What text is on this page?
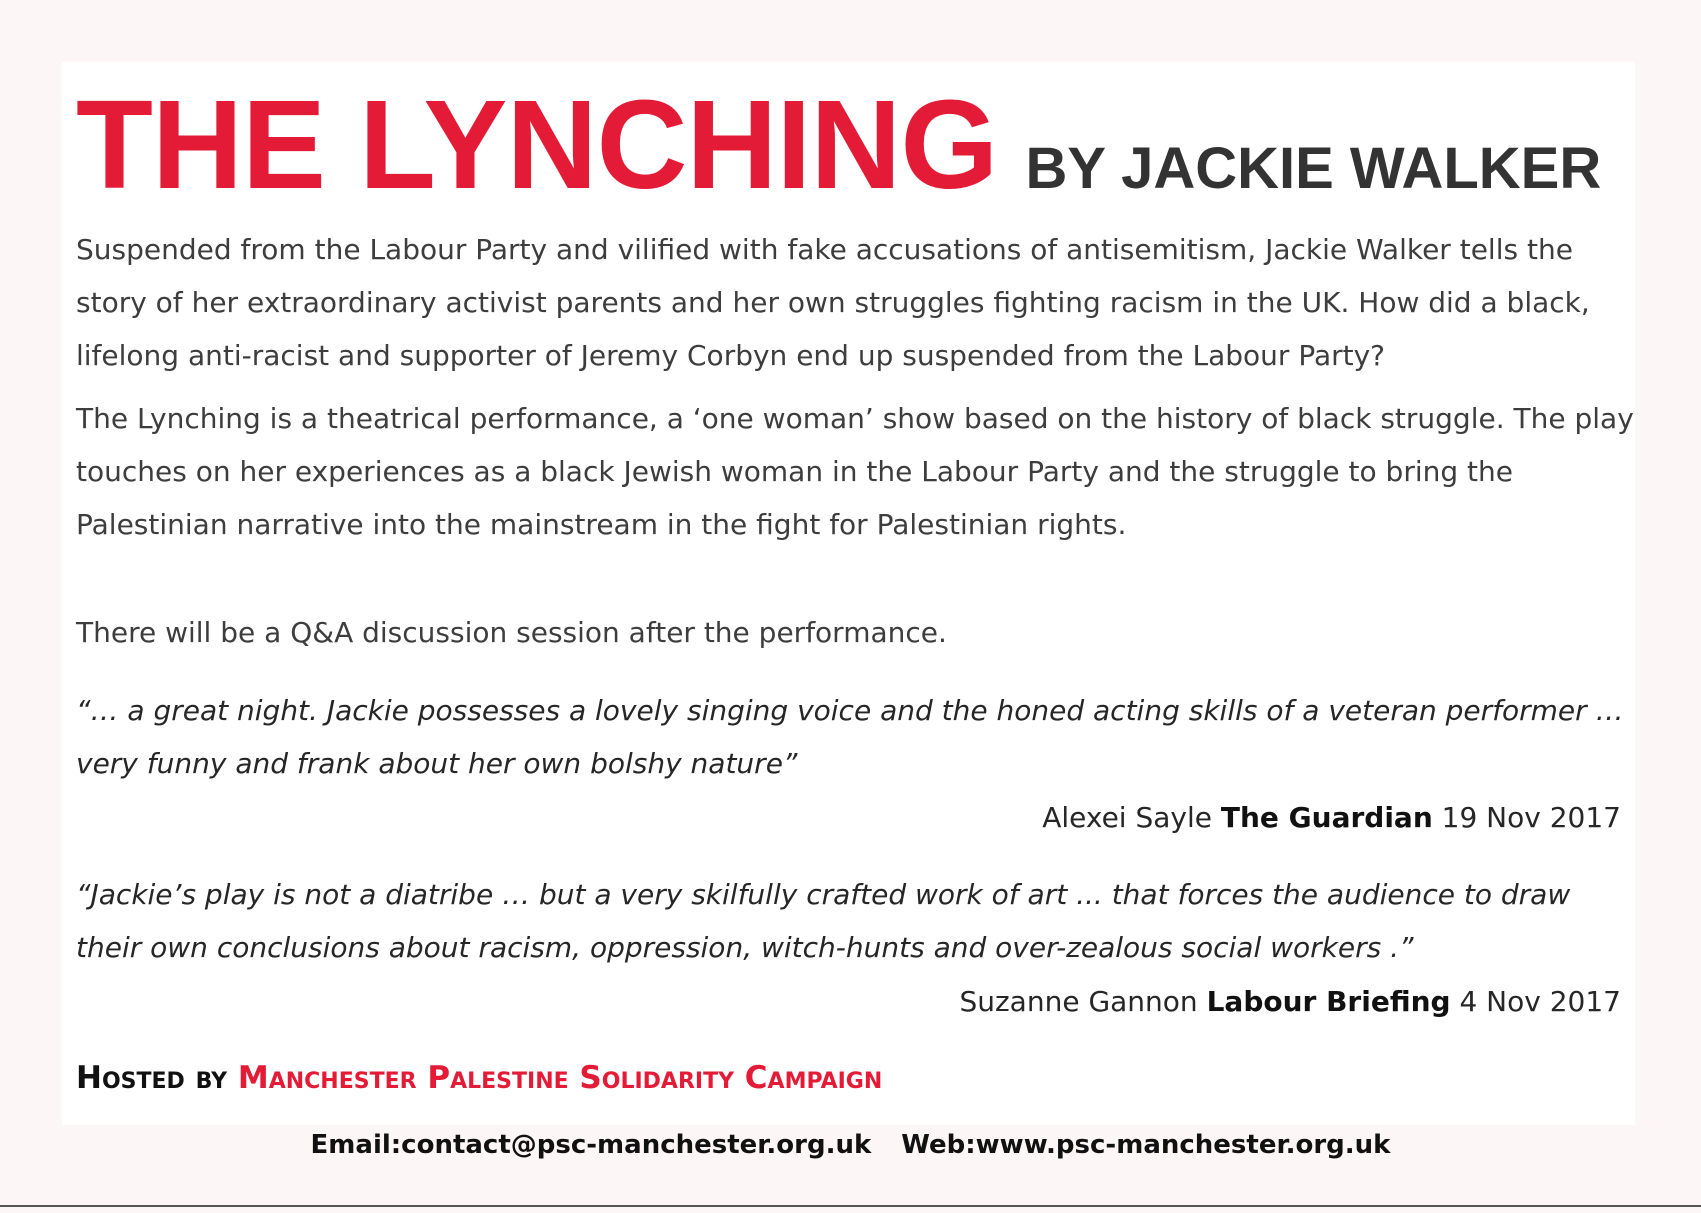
THE LYNCHING BY JACKIE WALKER

Suspended from the Labour Party and vilified with fake accusations of antisemitism, Jackie Walker tells the story of her extraordinary activist parents and her own struggles fighting racism in the UK. How did a black, lifelong anti-racist and supporter of Jeremy Corbyn end up suspended from the Labour Party?

The Lynching is a theatrical performance, a ‘one woman’ show based on the history of black struggle. The play touches on her experiences as a black Jewish woman in the Labour Party and the struggle to bring the Palestinian narrative into the mainstream in the fight for Palestinian rights.

There will be a Q&A discussion session after the performance.

“… a great night. Jackie possesses a lovely singing voice and the honed acting skills of a veteran performer … very funny and frank about her own bolshy nature”

Alexei Sayle The Guardian 19 Nov 2017

“Jackie’s play is not a diatribe … but a very skilfully crafted work of art ... that forces the audience to draw their own conclusions about racism, oppression, witch-hunts and over-zealous social workers .”

Suzanne Gannon Labour Briefing 4 Nov 2017
Hosted by Manchester Palestine Solidarity Campaign
Email:contact@psc-manchester.org.uk Web:www.psc-manchester.org.uk
